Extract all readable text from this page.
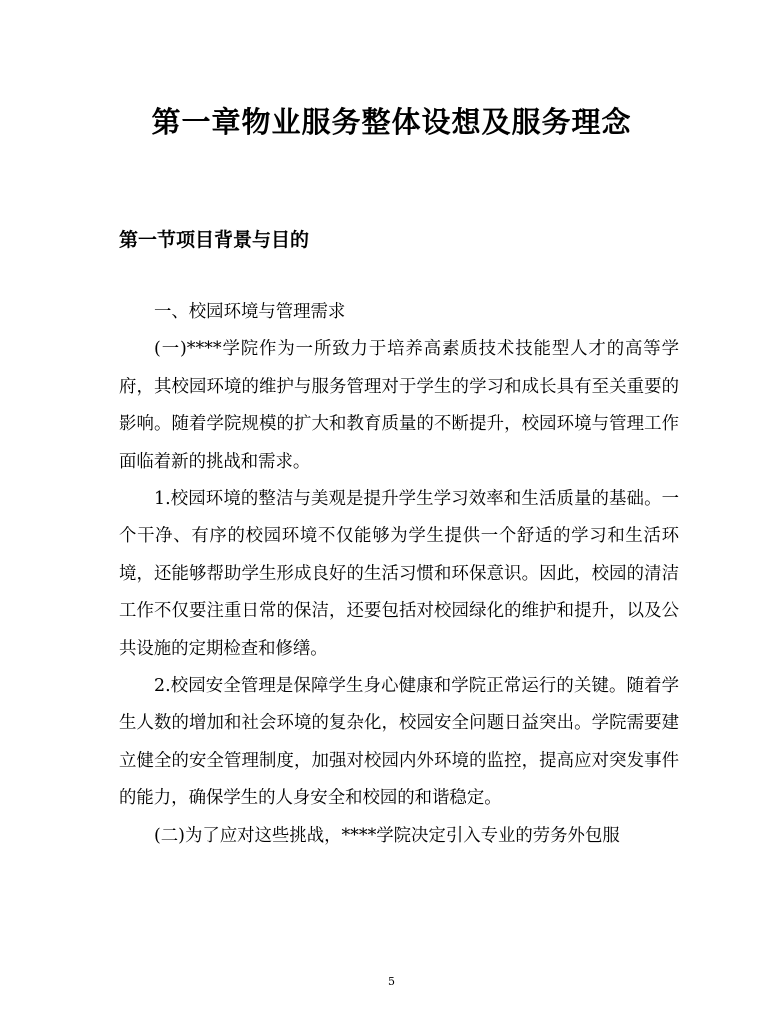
第一章物业服务整体设想及服务理念
第一节项目背景与目的

一、校园环境与管理需求

(一)****学院作为一所致力于培养高素质技术技能型人才的高等学府，其校园环境的维护与服务管理对于学生的学习和成长具有至关重要的影响。随着学院规模的扩大和教育质量的不断提升，校园环境与管理工作面临着新的挑战和需求。

1.校园环境的整洁与美观是提升学生学习效率和生活质量的基础。一个干净、有序的校园环境不仅能够为学生提供一个舒适的学习和生活环境，还能够帮助学生形成良好的生活习惯和环保意识。因此，校园的清洁工作不仅要注重日常的保洁，还要包括对校园绿化的维护和提升，以及公共设施的定期检查和修缮。

2.校园安全管理是保障学生身心健康和学院正常运行的关键。随着学生人数的增加和社会环境的复杂化，校园安全问题日益突出。学院需要建立健全的安全管理制度，加强对校园内外环境的监控，提高应对突发事件的能力，确保学生的人身安全和校园的和谐稳定。

(二)为了应对这些挑战，****学院决定引入专业的劳务外包服

5
